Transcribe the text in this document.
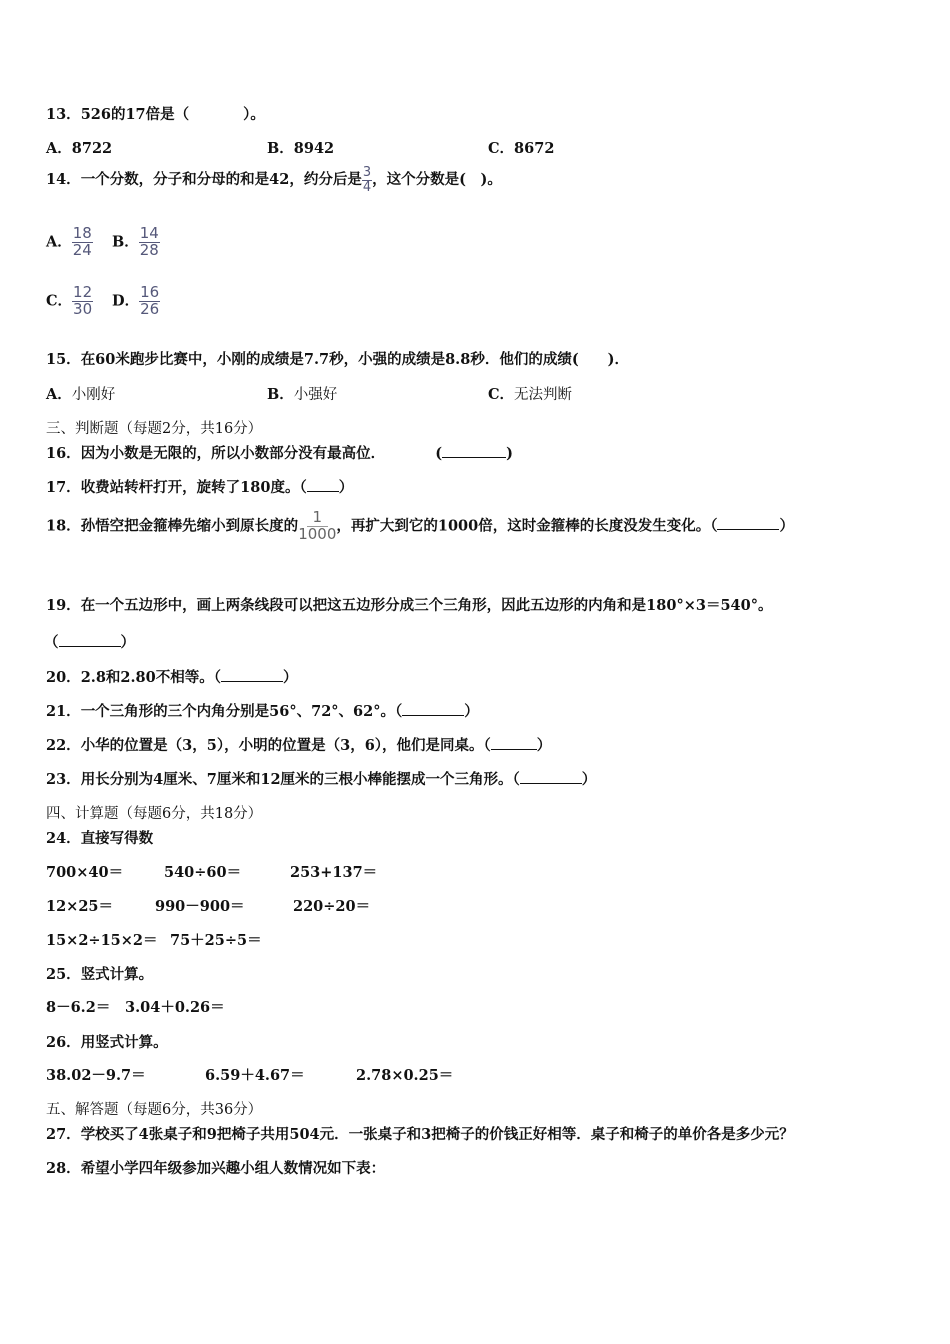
13．526的17倍是（	）。
A．8722	B．8942	C．8672
14．一个分数，分子和分母的和是42，约分后是 $\frac{3}{4}$ ，这个分数是(　)。
A． $\frac{18}{24}$ B． $\frac{14}{28}$
C． $\frac{12}{30}$ D． $\frac{16}{26}$
15．在60米跑步比赛中，小刚的成绩是7.7秒，小强的成绩是8.8秒．他们的成绩(　　)．
A．小刚好	B．小强好	C．无法判断
三、判断题（每题2分，共16分）
16．因为小数是无限的，所以小数部分没有最高位．	(	)
17．收费站转杆打开，旋转了180度。（ ）
18．孙悟空把金箍棒先缩小到原长度的 $\frac{1}{1000}$ ，再扩大到它的1000倍，这时金箍棒的长度没发生变化。（	）
19．在一个五边形中，画上两条线段可以把这五边形分成三个三角形，因此五边形的内角和是180°×3＝540°。
（	）
20．2.8和2.80不相等。（	）
21．一个三角形的三个内角分别是56°、72°、62°。（	）
22．小华的位置是（3，5），小明的位置是（3，6），他们是同桌。（	）
23．用长分别为4厘米、7厘米和12厘米的三根小棒能摆成一个三角形。（	）
四、计算题（每题6分，共18分）
24．直接写得数
700×40＝	540÷60＝	253+137＝
12×25＝	990－900＝	220÷20＝
15×2÷15×2＝ 75＋25÷5＝
25．竖式计算。
8－6.2＝ 3.04＋0.26＝
26．用竖式计算。
38.02－9.7＝	6.59＋4.67＝	2.78×0.25＝
五、解答题（每题6分，共36分）
27．学校买了4张桌子和9把椅子共用504元．一张桌子和3把椅子的价钱正好相等．桌子和椅子的单价各是多少元？
28．希望小学四年级参加兴趣小组人数情况如下表：
